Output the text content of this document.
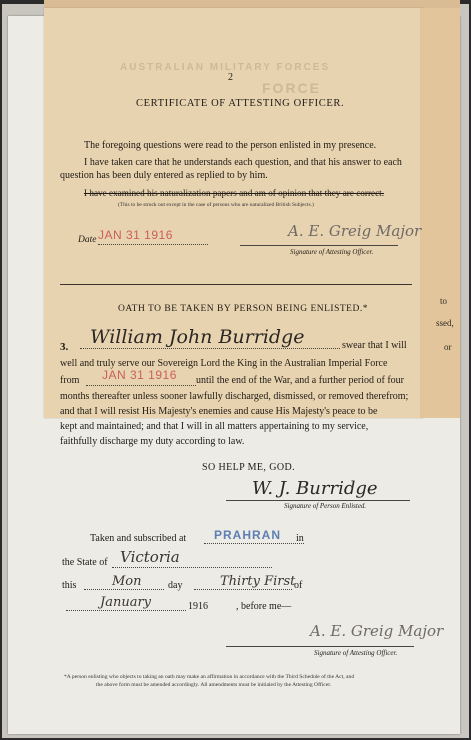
AUSTRALIAN MILITARY FORCES
FORCE
to
ssed,
or
2
CERTIFICATE OF ATTESTING OFFICER.
The foregoing questions were read to the person enlisted in my presence.
I have taken care that he understands each question, and that his answer to each
question has been duly entered as replied to by him.
I have examined his naturalization papers and am of opinion that they are correct.
(This to be struck out except in the case of persons who are naturalized British Subjects.)
Date JAN 31 1916	A. E. Greig Major
Signature of Attesting Officer.
OATH TO BE TAKEN BY PERSON BEING ENLISTED.*
3. William John Burridge	swear that I will
well and truly serve our Sovereign Lord the King in the Australian Imperial Force
from JAN 31 1916 until the end of the War, and a further period of four
months thereafter unless sooner lawfully discharged, dismissed, or removed therefrom;
and that I will resist His Majesty's enemies and cause His Majesty's peace to be
kept and maintained; and that I will in all matters appertaining to my service,
faithfully discharge my duty according to law.
SO HELP ME, GOD.
W. J. Burridge
Signature of Person Enlisted.
Taken and subscribed at PRAHRAN in
the State of Victoria
this	Mon	day	Thirty First
of
January	1916	, before me—
A. E. Greig Major
Signature of Attesting Officer.
*A person enlisting who objects to taking an oath may make an affirmation in accordance with the Third Schedule of the Act, and
the above form must be amended accordingly. All amendments must be initialed by the Attesting Officer.
